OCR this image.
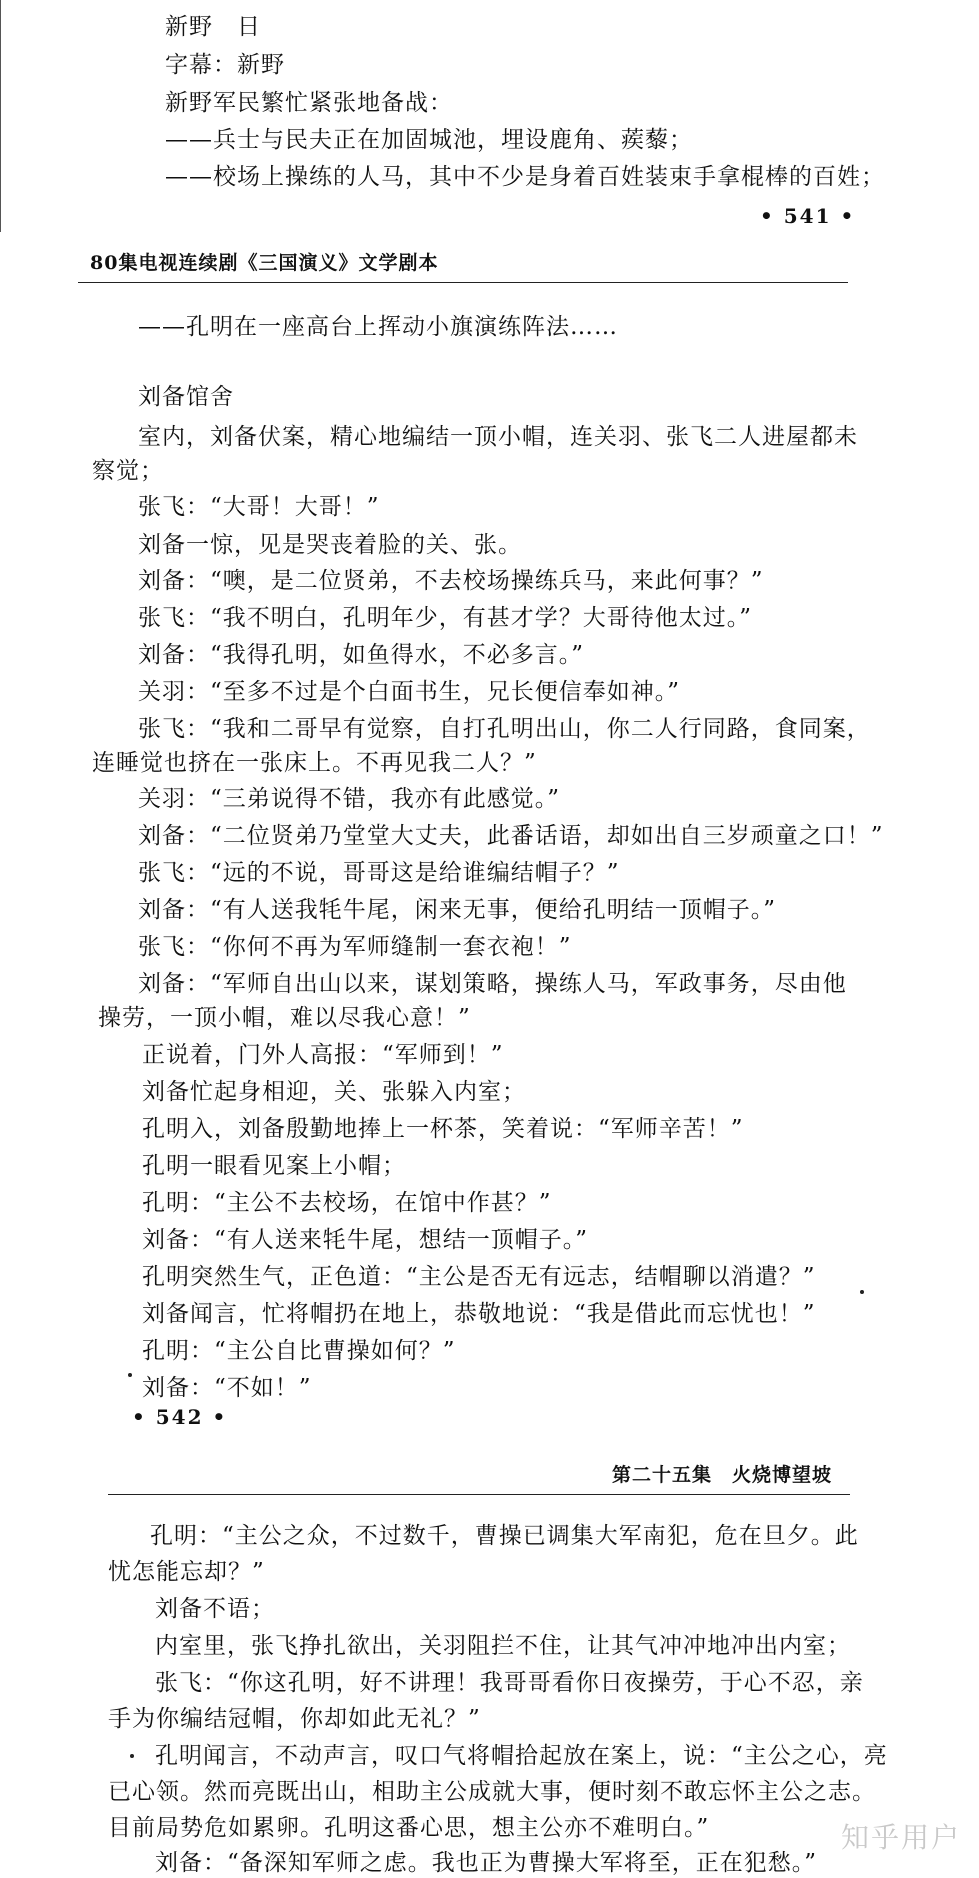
新野　日
字幕：新野
新野军民繁忙紧张地备战：
——兵士与民夫正在加固城池，埋设鹿角、蒺藜；
——校场上操练的人马，其中不少是身着百姓装束手拿棍棒的百姓；
• 541 •
80集电视连续剧《三国演义》文学剧本
——孔明在一座高台上挥动小旗演练阵法……
刘备馆舍
室内，刘备伏案，精心地编结一顶小帽，连关羽、张飞二人进屋都未
察觉；
张飞：“大哥！大哥！”
刘备一惊，见是哭丧着脸的关、张。
刘备：“噢，是二位贤弟，不去校场操练兵马，来此何事？”
张飞：“我不明白，孔明年少，有甚才学？大哥待他太过。”
刘备：“我得孔明，如鱼得水，不必多言。”
关羽：“至多不过是个白面书生，兄长便信奉如神。”
张飞：“我和二哥早有觉察，自打孔明出山，你二人行同路，食同案，
连睡觉也挤在一张床上。不再见我二人？”
关羽：“三弟说得不错，我亦有此感觉。”
刘备：“二位贤弟乃堂堂大丈夫，此番话语，却如出自三岁顽童之口！”
张飞：“远的不说，哥哥这是给谁编结帽子？”
刘备：“有人送我牦牛尾，闲来无事，便给孔明结一顶帽子。”
张飞：“你何不再为军师缝制一套衣袍！”
刘备：“军师自出山以来，谋划策略，操练人马，军政事务，尽由他
操劳，一顶小帽，难以尽我心意！”
正说着，门外人高报：“军师到！”
刘备忙起身相迎，关、张躲入内室；
孔明入，刘备殷勤地捧上一杯茶，笑着说：“军师辛苦！”
孔明一眼看见案上小帽；
孔明：“主公不去校场，在馆中作甚？”
刘备：“有人送来牦牛尾，想结一顶帽子。”
孔明突然生气，正色道：“主公是否无有远志，结帽聊以消遣？”
刘备闻言，忙将帽扔在地上，恭敬地说：“我是借此而忘忧也！”
孔明：“主公自比曹操如何？”
刘备：“不如！”
• 542 •
第二十五集　火烧博望坡
孔明：“主公之众，不过数千，曹操已调集大军南犯，危在旦夕。此
忧怎能忘却？”
刘备不语；
内室里，张飞挣扎欲出，关羽阻拦不住，让其气冲冲地冲出内室；
张飞：“你这孔明，好不讲理！我哥哥看你日夜操劳，于心不忍，亲
手为你编结冠帽，你却如此无礼？”
孔明闻言，不动声言，叹口气将帽拾起放在案上，说：“主公之心，亮
已心领。然而亮既出山，相助主公成就大事，便时刻不敢忘怀主公之志。
目前局势危如累卵。孔明这番心思，想主公亦不难明白。”
刘备：“备深知军师之虑。我也正为曹操大军将至，正在犯愁。”
知乎用户
